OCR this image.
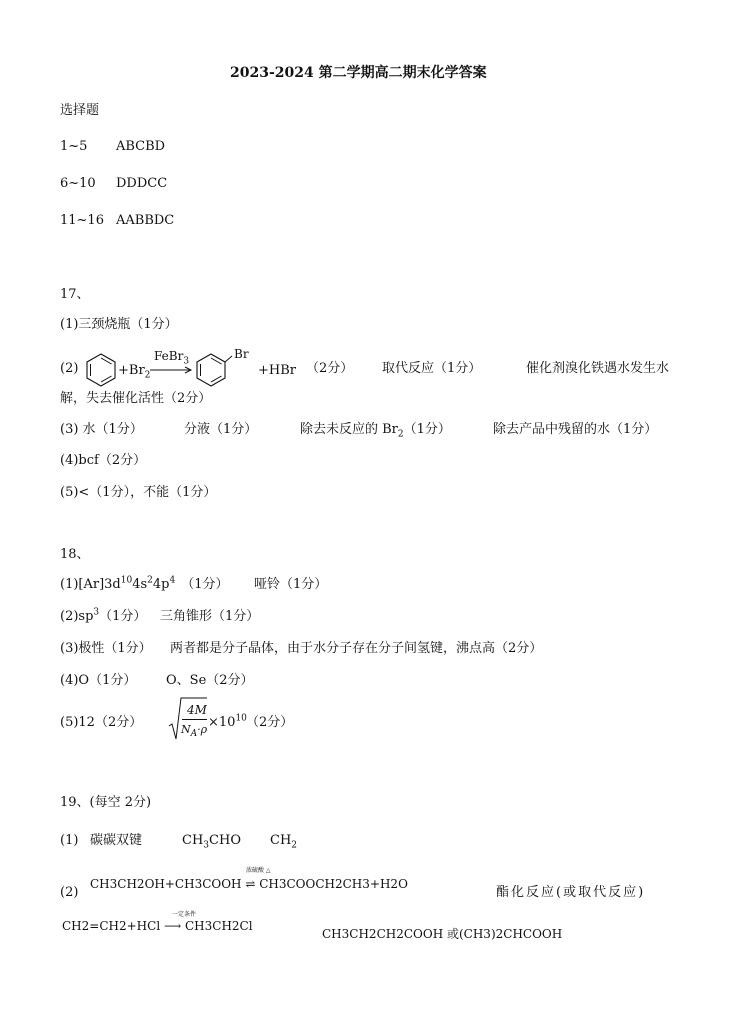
2023-2024 第二学期高二期末化学答案
选择题
1~5 ABCBD
6~10 DDDCC
11~16 AABBDC
17、
(1)三颈烧瓶（1分）
(2)	$+Br_2$
FeBr$_3$
Br
+HBr （2分） 取代反应（1分）	催化剂溴化铁遇水发生水
解，失去催化活性（2分）
(3) 水（1分）	分液（1分）	除去未反应的 $Br_2(1$分）	除去产品中残留的水（1分）
(4)bcf（2分）
(5)<（1分），不能（1分）
18、
$(1)[Ar]3d^{10}4s^24p^4$ （1分） 哑铃（1分）
$(2)sp^3(1$分） 三角锥形（1分）
(3)极性（1分） 两者都是分子晶体，由于水分子存在分子间氢键，沸点高（2分）
(4)O（1分） O、Se（2分）
(5)12（2分）
4M
$N_A\cdot\rho \times 10^{10}$ （2分）
19、(每空 2分)
(1) 碳碳双键	$CH_3CHO$ $CH_2$
(2)
CH3CH2OH+CH3COOH ⇌ CH3COOCH2CH3+H2O
浓硫酸 △
酯化反应(或取代反应)
CH2=CH2+HCl ⟶ CH3CH2Cl
一定条件
CH3CH2CH2COOH 或(CH3)2CHCOOH
